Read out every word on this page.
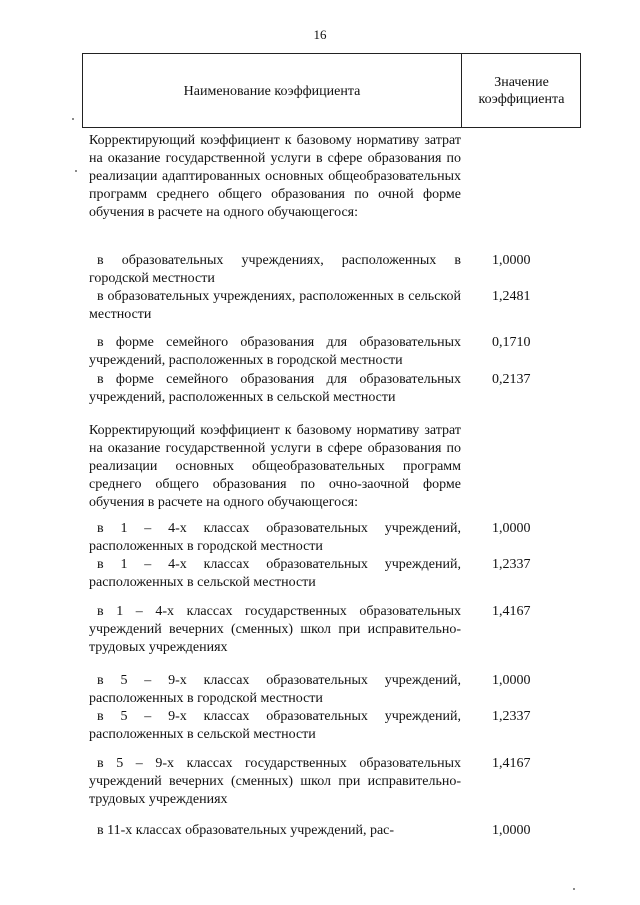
16
Наименование коэффициента
Значение
коэффициента
Корректирующий коэффициент к базовому нормативу затрат на оказание государственной услуги в сфере образования по реализации адаптированных основных общеобразовательных программ среднего общего образования по очной форме обучения в расчете на одного обучающегося:
в образовательных учреждениях, расположенных в городской местности
1,0000
в образовательных учреждениях, расположенных в сельской местности
1,2481
в форме семейного образования для образовательных учреждений, расположенных в городской местности
0,1710
в форме семейного образования для образовательных учреждений, расположенных в сельской местности
0,2137
Корректирующий коэффициент к базовому нормативу затрат на оказание государственной услуги в сфере образования по реализации основных общеобразовательных программ среднего общего образования по очно-заочной форме обучения в расчете на одного обучающегося:
в 1 – 4-х классах образовательных учреждений, расположенных в городской местности
1,0000
в 1 – 4-х классах образовательных учреждений, расположенных в сельской местности
1,2337
в 1 – 4-х классах государственных образовательных учреждений вечерних (сменных) школ при исправительно-трудовых учреждениях
1,4167
в 5 – 9-х классах образовательных учреждений, расположенных в городской местности
1,0000
в 5 – 9-х классах образовательных учреждений, расположенных в сельской местности
1,2337
в 5 – 9-х классах государственных образовательных учреждений вечерних (сменных) школ при исправительно-трудовых учреждениях
1,4167
в 11-х классах образовательных учреждений, рас-	1,0000
